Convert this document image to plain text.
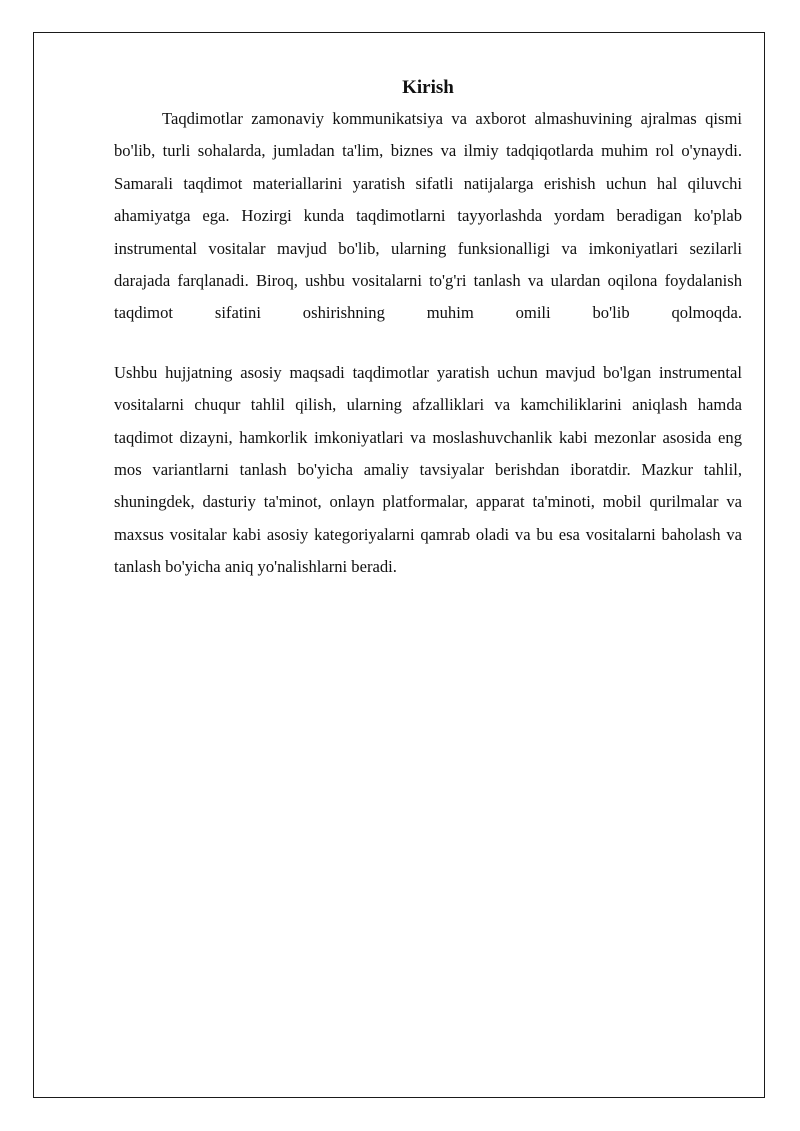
Kirish

Taqdimotlar zamonaviy kommunikatsiya va axborot almashuvining ajralmas qismi bo'lib, turli sohalarda, jumladan ta'lim, biznes va ilmiy tadqiqotlarda muhim rol o'ynaydi. Samarali taqdimot materiallarini yaratish sifatli natijalarga erishish uchun hal qiluvchi ahamiyatga ega. Hozirgi kunda taqdimotlarni tayyorlashda yordam beradigan ko'plab instrumental vositalar mavjud bo'lib, ularning funksionalligi va imkoniyatlari sezilarli darajada farqlanadi. Biroq, ushbu vositalarni to'g'ri tanlash va ulardan oqilona foydalanish taqdimot sifatini oshirishning muhim omili bo'lib qolmoqda.

Ushbu hujjatning asosiy maqsadi taqdimotlar yaratish uchun mavjud bo'lgan instrumental vositalarni chuqur tahlil qilish, ularning afzalliklari va kamchiliklarini aniqlash hamda taqdimot dizayni, hamkorlik imkoniyatlari va moslashuvchanlik kabi mezonlar asosida eng mos variantlarni tanlash bo'yicha amaliy tavsiyalar berishdan iboratdir. Mazkur tahlil, shuningdek, dasturiy ta'minot, onlayn platformalar, apparat ta'minoti, mobil qurilmalar va maxsus vositalar kabi asosiy kategoriyalarni qamrab oladi va bu esa vositalarni baholash va tanlash bo'yicha aniq yo'nalishlarni beradi.
